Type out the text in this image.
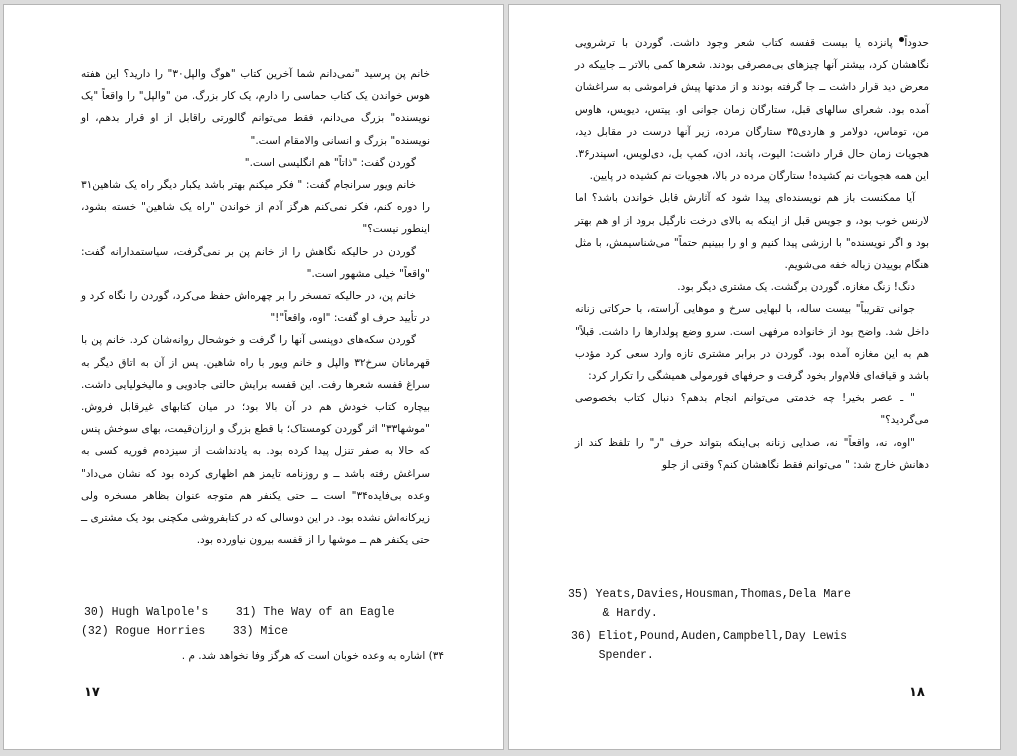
خانم پن پرسید "نمی‌دانم شما آخرین کتاب "هوگ والپل۳۰" را دارید؟ این هفته هوس خواندن یک کتاب حماسی را دارم، یک کار بزرگ. من "والپل" را واقعاً "یک نویسنده" بزرگ می‌دانم، فقط می‌توانم گالورتی راقابل از او قرار بدهم، او نویسنده" بزرگ و انسانی والامقام است."

گوردن گفت: "ذاتاً" هم انگلیسی است."

خانم ویور سرانجام گفت: " فکر میکنم بهتر باشد یکبار دیگر راه یک شاهین۳۱ را دوره کنم، فکر نمی‌کنم هرگز آدم از خواندن "راه یک شاهین" خسته بشود، اینطور نیست؟"

گوردن در حالیکه نگاهش را از خانم پن بر نمی‌گرفت، سیاستمدارانه گفت: "واقعاً" خیلی مشهور است."

خانم پن، در حالیکه تمسخر را بر چهره‌اش حفظ می‌کرد، گوردن را نگاه کرد و در تأیید حرف او گفت: "اوه، واقعاً"!"

گوردن سکه‌های دوپنسی آنها را گرفت و خوشحال روانه‌شان کرد. خانم پن با قهرمانان سرخ۳۲ والپل و خانم ویور با راه شاهین. پس از آن به اتاق دیگر به سراغ قفسه شعرها رفت. این قفسه برایش حالتی جادویی و مالیخولیایی داشت. بیچاره کتاب خودش هم در آن بالا بود؛ در میان کتابهای غیرقابل فروش. "موشها۳۳" اثر گوردن کومستاک؛ با قطع بزرگ و ارزان‌قیمت، بهای سوخش پنس که حالا به صفر تنزل پیدا کرده بود. به یادنداشت از سیزده‌م فوریه کسی به سراغش رفته باشد ــ و روزنامه تایمز هم اظهاری کرده بود که نشان می‌داد" وعده بی‌فایده۳۴" است ــ حتی یکنفر هم متوجه عنوان بظاهر مسخره ولی زیرکانه‌اش نشده بود. در این دوسالی که در کتابفروشی مکچنی بود یک مشتری ــ حتی یکنفر هم ــ موشها را از قفسه بیرون نیاورده بود.

30) Hugh Walpole's    31) The Way of an Eagle
(32) Rogue Horries    33) Mice
۳۴) اشاره به وعده خوبان است که هرگز وفا نخواهد شد. م .
۱۷

حدوداً" پانزده یا بیست قفسه کتاب شعر وجود داشت. گوردن با ترشرویی نگاهشان کرد، بیشتر آنها چیزهای بی‌مصرفی بودند. شعرها کمی بالاتر ــ جاییکه در معرض دید قرار داشت ــ جا گرفته بودند و از مدتها پیش فراموشی به سراغشان آمده بود. شعرای سالهای قبل، ستارگان زمان جوانی او. ییتس، دیویس، هاوس من، توماس، دولامر و هاردی۳۵ ستارگان مرده، زیر آنها درست در مقابل دید، هجویات زمان حال قرار داشت: الیوت، پاند، ادن، کمپ بل، دی‌لویس، اسپندر۳۶. این همه هجویات نم کشیده! ستارگان مرده در بالا، هجویات نم کشیده در پایین.

آیا ممکنست باز هم نویسنده‌ای پیدا شود که آثارش قابل خواندن باشد؟ اما لارنس خوب بود، و جویس قبل از اینکه به بالای درخت نارگیل برود از او هم بهتر بود و اگر نویسنده" با ارزشی پیدا کنیم و او را ببینیم حتماً" می‌شناسیمش، با مثل هنگام بوییدن زباله خفه می‌شویم.

دنگ! زنگ مغازه. گوردن برگشت. یک مشتری دیگر بود.

جوانی تقریباً" بیست ساله، با لبهایی سرخ و موهایی آراسته، با حرکاتی زنانه داخل شد. واضح بود از خانواده مرفهی است. سرو وضع پولدارها را داشت. قبلاً" هم به این مغازه آمده بود. گوردن در برابر مشتری تازه وارد سعی کرد مؤدب باشد و قیافه‌ای فلام‌وار بخود گرفت و حرفهای فورمولی همیشگی را تکرار کرد:

" ـ عصر بخیر! چه خدمتی می‌توانم انجام بدهم؟ دنبال کتاب بخصوصی می‌گردید؟"

"اوه، نه، واقعاً" نه، صدایی زنانه بی‌اینکه بتواند حرف "ر" را تلفظ کند از دهانش خارج شد: " می‌توانم فقط نگاهشان کنم؟ وقتی از جلو

35) Yeats,Davies,Housman,Thomas,Dela Mare
& Hardy.
36) Eliot,Pound,Auden,Campbell,Day Lewis
Spender.
۱۸
